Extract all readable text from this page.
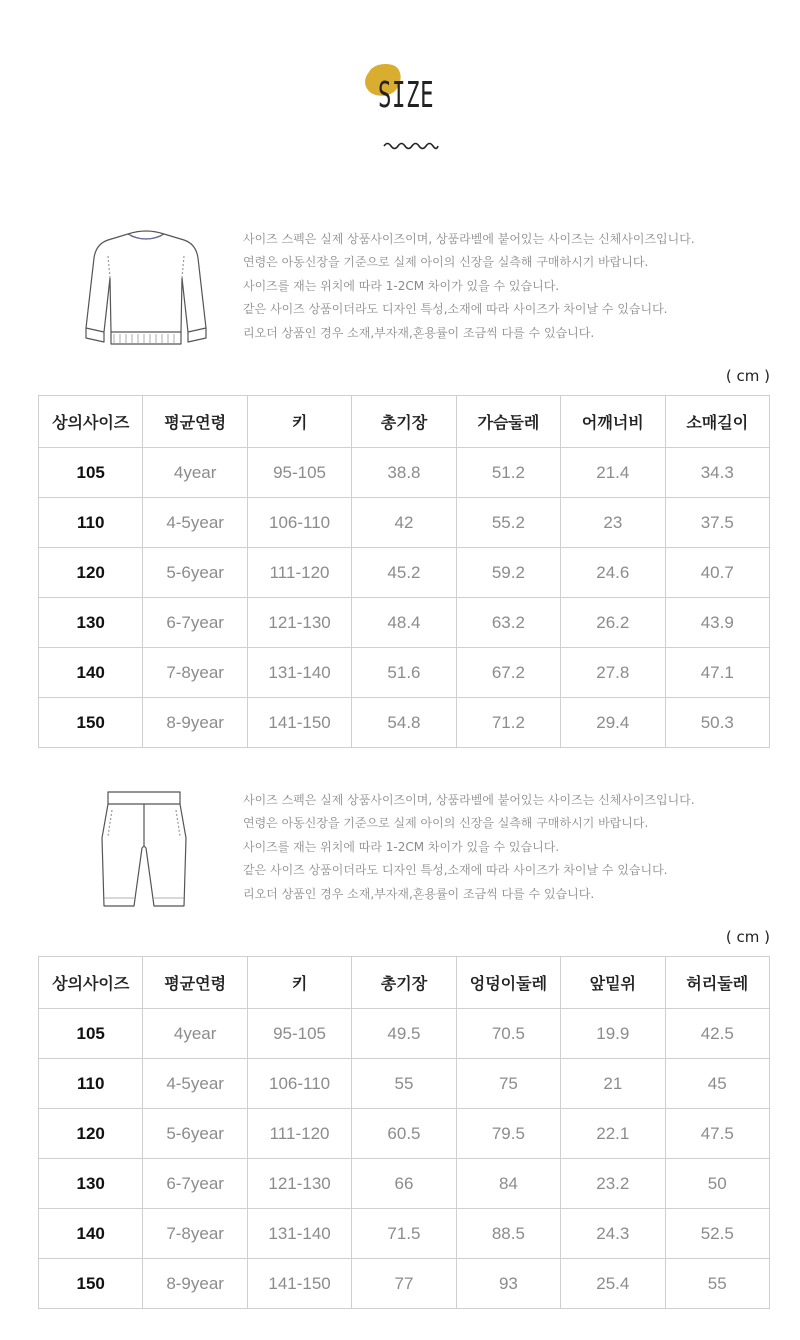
SIZE

사이즈 스펙은 실제 상품사이즈이며, 상품라벨에 붙어있는 사이즈는 신체사이즈입니다.

연령은 아동신장을 기준으로 실제 아이의 신장을 실측해 구매하시기 바랍니다.

사이즈를 재는 위치에 따라 1-2CM 차이가 있을 수 있습니다.

같은 사이즈 상품이더라도 디자인 특성,소재에 따라 사이즈가 차이날 수 있습니다.

리오더 상품인 경우 소재,부자재,혼용률이 조금씩 다를 수 있습니다.

( cm )
상의사이즈	평균연령	키	총기장	가슴둘레	어깨너비	소매길이
105	4year	95-105	38.8	51.2	21.4	34.3
110	4-5year	106-110	42	55.2	23	37.5
120	5-6year	111-120	45.2	59.2	24.6	40.7
130	6-7year	121-130	48.4	63.2	26.2	43.9
140	7-8year	131-140	51.6	67.2	27.8	47.1
150	8-9year	141-150	54.8	71.2	29.4	50.3

사이즈 스펙은 실제 상품사이즈이며, 상품라벨에 붙어있는 사이즈는 신체사이즈입니다.

연령은 아동신장을 기준으로 실제 아이의 신장을 실측해 구매하시기 바랍니다.

사이즈를 재는 위치에 따라 1-2CM 차이가 있을 수 있습니다.

같은 사이즈 상품이더라도 디자인 특성,소재에 따라 사이즈가 차이날 수 있습니다.

리오더 상품인 경우 소재,부자재,혼용률이 조금씩 다를 수 있습니다.

( cm )
상의사이즈	평균연령	키	총기장	엉덩이둘레	앞밑위	허리둘레
105	4year	95-105	49.5	70.5	19.9	42.5
110	4-5year	106-110	55	75	21	45
120	5-6year	111-120	60.5	79.5	22.1	47.5
130	6-7year	121-130	66	84	23.2	50
140	7-8year	131-140	71.5	88.5	24.3	52.5
150	8-9year	141-150	77	93	25.4	55
